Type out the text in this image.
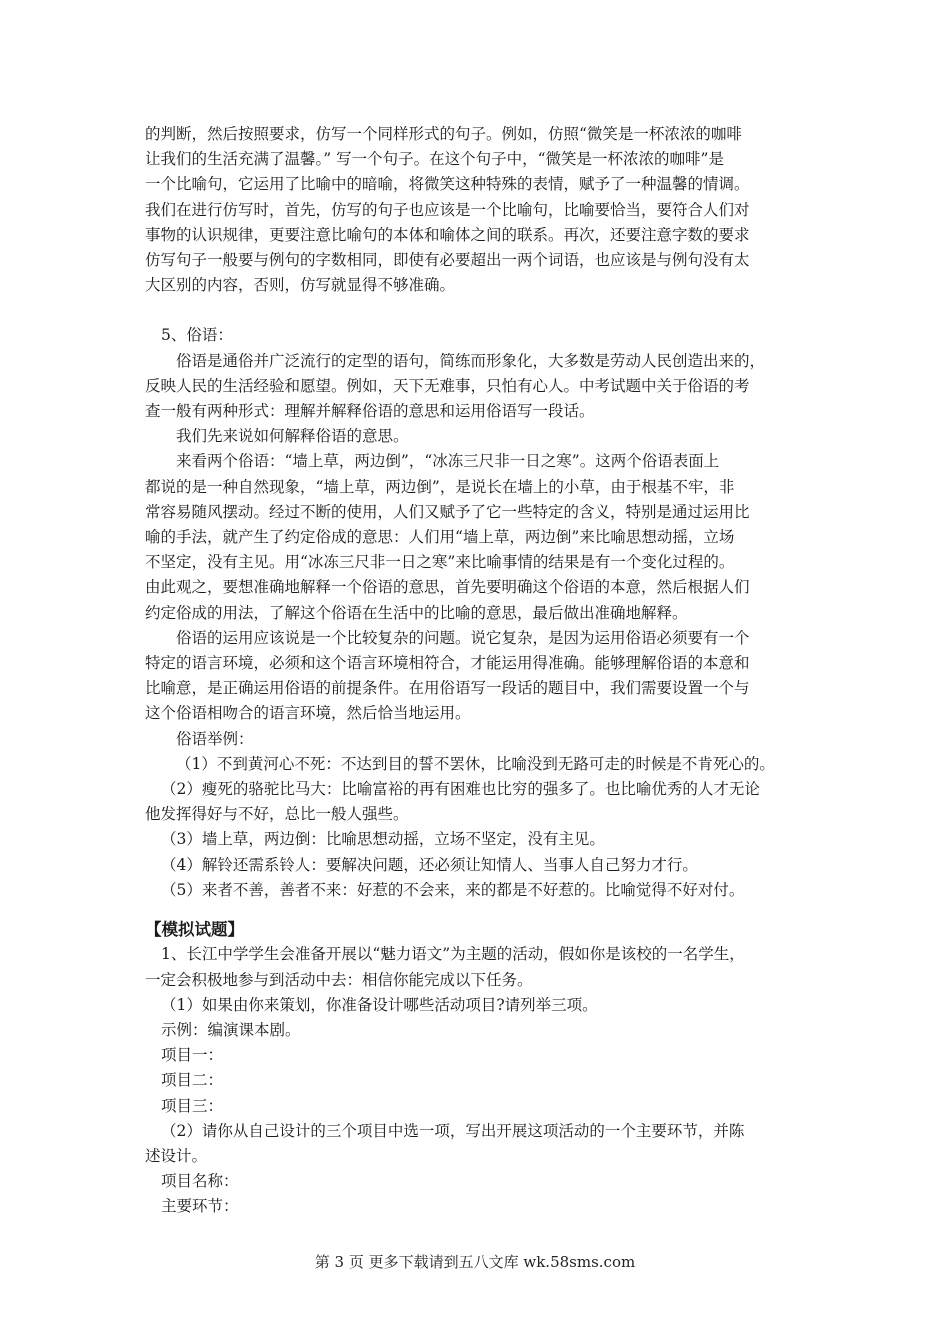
的判断，然后按照要求，仿写一个同样形式的句子。例如，仿照“微笑是一杯浓浓的咖啡

让我们的生活充满了温馨。” 写一个句子。在这个句子中，“微笑是一杯浓浓的咖啡”是

一个比喻句，它运用了比喻中的暗喻，将微笑这种特殊的表情，赋予了一种温馨的情调。

我们在进行仿写时，首先，仿写的句子也应该是一个比喻句，比喻要恰当，要符合人们对

事物的认识规律，更要注意比喻句的本体和喻体之间的联系。再次，还要注意字数的要求

仿写句子一般要与例句的字数相同，即使有必要超出一两个词语，也应该是与例句没有太

大区别的内容，否则，仿写就显得不够准确。

5、俗语：

俗语是通俗并广泛流行的定型的语句，简练而形象化，大多数是劳动人民创造出来的，

反映人民的生活经验和愿望。例如，天下无难事，只怕有心人。中考试题中关于俗语的考

查一般有两种形式：理解并解释俗语的意思和运用俗语写一段话。

我们先来说如何解释俗语的意思。

来看两个俗语：“墙上草，两边倒”，“冰冻三尺非一日之寒”。这两个俗语表面上

都说的是一种自然现象，“墙上草，两边倒”，是说长在墙上的小草，由于根基不牢，非

常容易随风摆动。经过不断的使用，人们又赋予了它一些特定的含义，特别是通过运用比

喻的手法，就产生了约定俗成的意思：人们用“墙上草，两边倒”来比喻思想动摇，立场

不坚定，没有主见。用“冰冻三尺非一日之寒”来比喻事情的结果是有一个变化过程的。

由此观之，要想准确地解释一个俗语的意思，首先要明确这个俗语的本意，然后根据人们

约定俗成的用法，了解这个俗语在生活中的比喻的意思，最后做出准确地解释。

俗语的运用应该说是一个比较复杂的问题。说它复杂，是因为运用俗语必须要有一个

特定的语言环境，必须和这个语言环境相符合，才能运用得准确。能够理解俗语的本意和

比喻意，是正确运用俗语的前提条件。在用俗语写一段话的题目中，我们需要设置一个与

这个俗语相吻合的语言环境，然后恰当地运用。

俗语举例：

（1）不到黄河心不死：不达到目的誓不罢休，比喻没到无路可走的时候是不肯死心的。

（2）瘦死的骆驼比马大：比喻富裕的再有困难也比穷的强多了。也比喻优秀的人才无论

他发挥得好与不好，总比一般人强些。

（3）墙上草，两边倒：比喻思想动摇，立场不坚定，没有主见。

（4）解铃还需系铃人：要解决问题，还必须让知情人、当事人自己努力才行。

（5）来者不善，善者不来：好惹的不会来，来的都是不好惹的。比喻觉得不好对付。

【模拟试题】

1、长江中学学生会准备开展以“魅力语文”为主题的活动，假如你是该校的一名学生，

一定会积极地参与到活动中去：相信你能完成以下任务。

（1）如果由你来策划，你准备设计哪些活动项目?请列举三项。

示例：编演课本剧。

项目一：

项目二：

项目三：

（2）请你从自己设计的三个项目中选一项，写出开展这项活动的一个主要环节，并陈

述设计。

项目名称：

主要环节：

第 3 页 更多下载请到五八文库 wk.58sms.com
